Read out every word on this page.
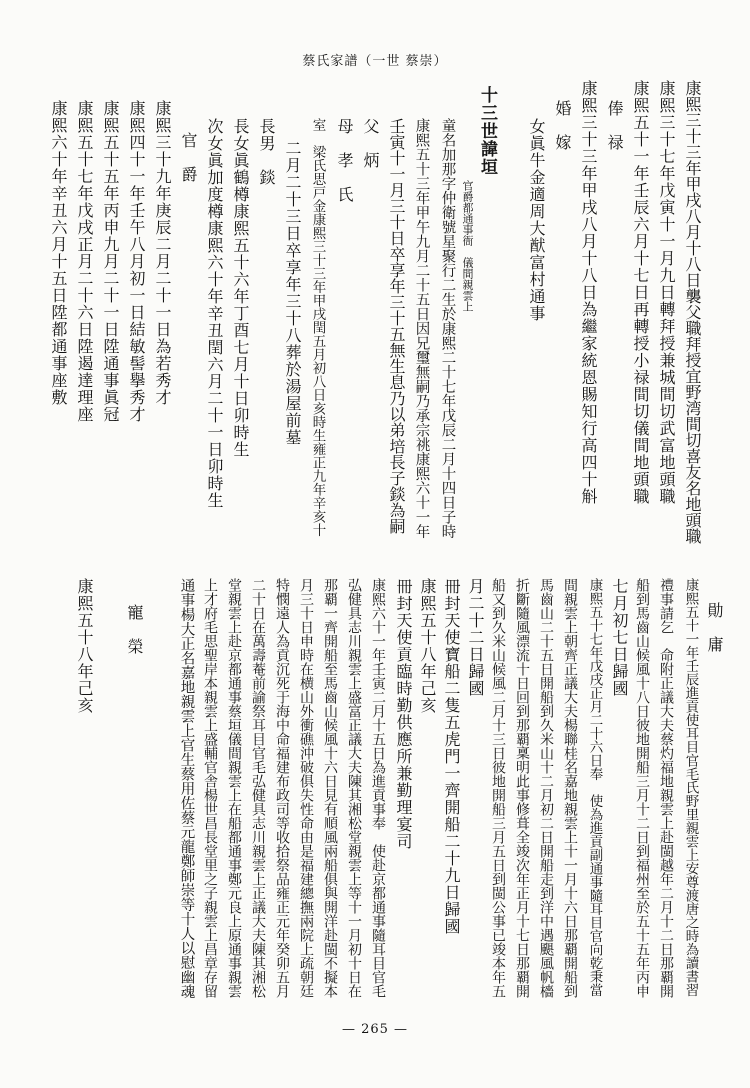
蔡氏家譜（一世 蔡崇）
康熙三十三年甲戌八月十八日襲父職拜授宜野湾間切喜友名地頭職
康熙三十七年戊寅十一月九日轉拜授兼城間切武富地頭職
康熙五十一年壬辰六月十七日再轉授小禄間切儀間地頭職
俸　禄
康熙三十三年甲戌八月十八日為繼家統恩賜知行高四十斛
婚　嫁
女眞牛金適周大猷富村通事
十三世諱垣
官爵都通事衙　儀間親雲上
童名加那字仲衛號星聚行二生於康熙二十七年戊辰二月十四日子時
康熙五十三年甲午九月二十五日因兄璽無嗣乃承宗祧康熙六十一年
壬寅十一月三十日卒享年三十五無生息乃以弟培長子錟為嗣
父　炳
母　孝　氏
室　梁氏思戸金康熙三十三年甲戌閏五月初八日亥時生雍正九年辛亥十
二月二十三日卒享年三十八葬於湯屋前墓
長男　錟
長女眞鶴樽康熙五十六年丁酉七月十日卯時生
次女眞加度樽康熙六十年辛丑閏六月二十一日卯時生
官　爵
康熙三十九年庚辰二月二十一日為若秀才
康熙四十一年壬午八月初一日結敏髻擧秀才
康熙五十五年丙申九月二十一日陞通事眞冠
康熙五十七年戊戌正月二十六日陞遏達理座
康熙六十年辛丑六月十五日陞都通事座敷
勛　庸
康熙五十一年壬辰進貢使耳目官毛氏野里親雲上安尊渡唐之時為讀書習
禮事請乞　命附正議大夫蔡灼福地親雲上赴閩越年二月十二日那覇開
船到馬齒山候風十八日彼地開船三月十二日到福州至於五十五年丙申
七月初七日歸國
康熙五十七年戊戌正月二十六日奉　使為進貢副通事隨耳目官向乾秉當
間親雲上朝齊正議大夫楊聯桂名嘉地親雲上十一月十六日那覇開船到
馬齒山二十五日開船到久米山十二月初二日開船走到洋中遇颶風帆檣
折斷隨風漂流十日回到那覇稟明此事修葺全竣次年正月十七日那覇開
船又到久米山候風二月十三日彼地開船三月五日到閩公事已竣本年五
月二十二日歸國
冊封天使寶船二隻五虎門一齊開船二十九日歸國
康熙五十八年己亥
冊封天使貢臨時勤供應所兼勤理宴司
康熙六十一年壬寅二月十五日為進貢事奉　使赴京都通事隨耳目官毛
弘健具志川親雲上盛富正議大夫陳其湘松堂親雲上等十一月初十日在
那覇一齊開船至馬齒山候風十六日見有順風兩船俱與開洋赴閩不擬本
月三十日申時在横山外衝礁沖破俱失性命由是福建總撫兩院上疏朝廷
特憫遠人為貢沉死于海中命福建布政司等收拾祭品雍正元年癸卯五月
二十日在萬壽菴前諭祭耳目官毛弘健具志川親雲上正議大夫陳其湘松
堂親雲上赴京都通事蔡垣儀間親雲上在船都通事鄭元良上原通事親雲
上才府毛思聖岸本親雲上盛輔官舎楊世昌長堂里之子親雲上昌章存留
通事楊大正名嘉地親雲上官生蔡用佐蔡元龍鄭師崇等十人以慰幽魂
寵　榮
康熙五十八年己亥
— 265 —
